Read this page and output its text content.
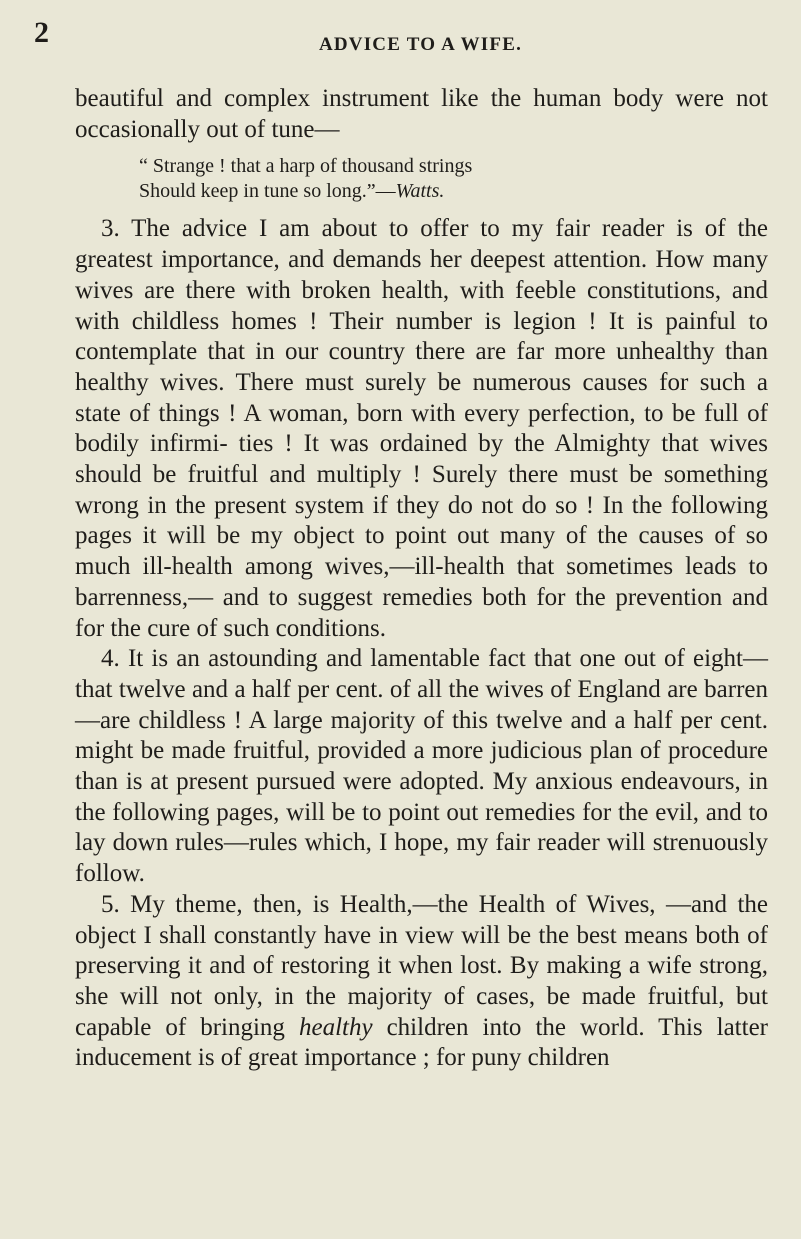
2	ADVICE TO A WIFE.

beautiful and complex instrument like the human body were not occasionally out of tune—

“ Strange ! that a harp of thousand strings
Should keep in tune so long.”—Watts.

3. The advice I am about to offer to my fair reader is of the greatest importance, and demands her deepest attention. How many wives are there with broken health, with feeble constitutions, and with childless homes ! Their number is legion ! It is painful to contemplate that in our country there are far more unhealthy than healthy wives. There must surely be numerous causes for such a state of things ! A woman, born with every perfection, to be full of bodily infirmi- ties ! It was ordained by the Almighty that wives should be fruitful and multiply ! Surely there must be something wrong in the present system if they do not do so ! In the following pages it will be my object to point out many of the causes of so much ill-health among wives,—ill-health that sometimes leads to barrenness,— and to suggest remedies both for the prevention and for the cure of such conditions.

4. It is an astounding and lamentable fact that one out of eight—that twelve and a half per cent. of all the wives of England are barren—are childless ! A large majority of this twelve and a half per cent. might be made fruitful, provided a more judicious plan of procedure than is at present pursued were adopted. My anxious endeavours, in the following pages, will be to point out remedies for the evil, and to lay down rules—rules which, I hope, my fair reader will strenuously follow.

5. My theme, then, is Health,—the Health of Wives, —and the object I shall constantly have in view will be the best means both of preserving it and of restoring it when lost. By making a wife strong, she will not only, in the majority of cases, be made fruitful, but capable of bringing healthy children into the world. This latter inducement is of great importance ; for puny children
